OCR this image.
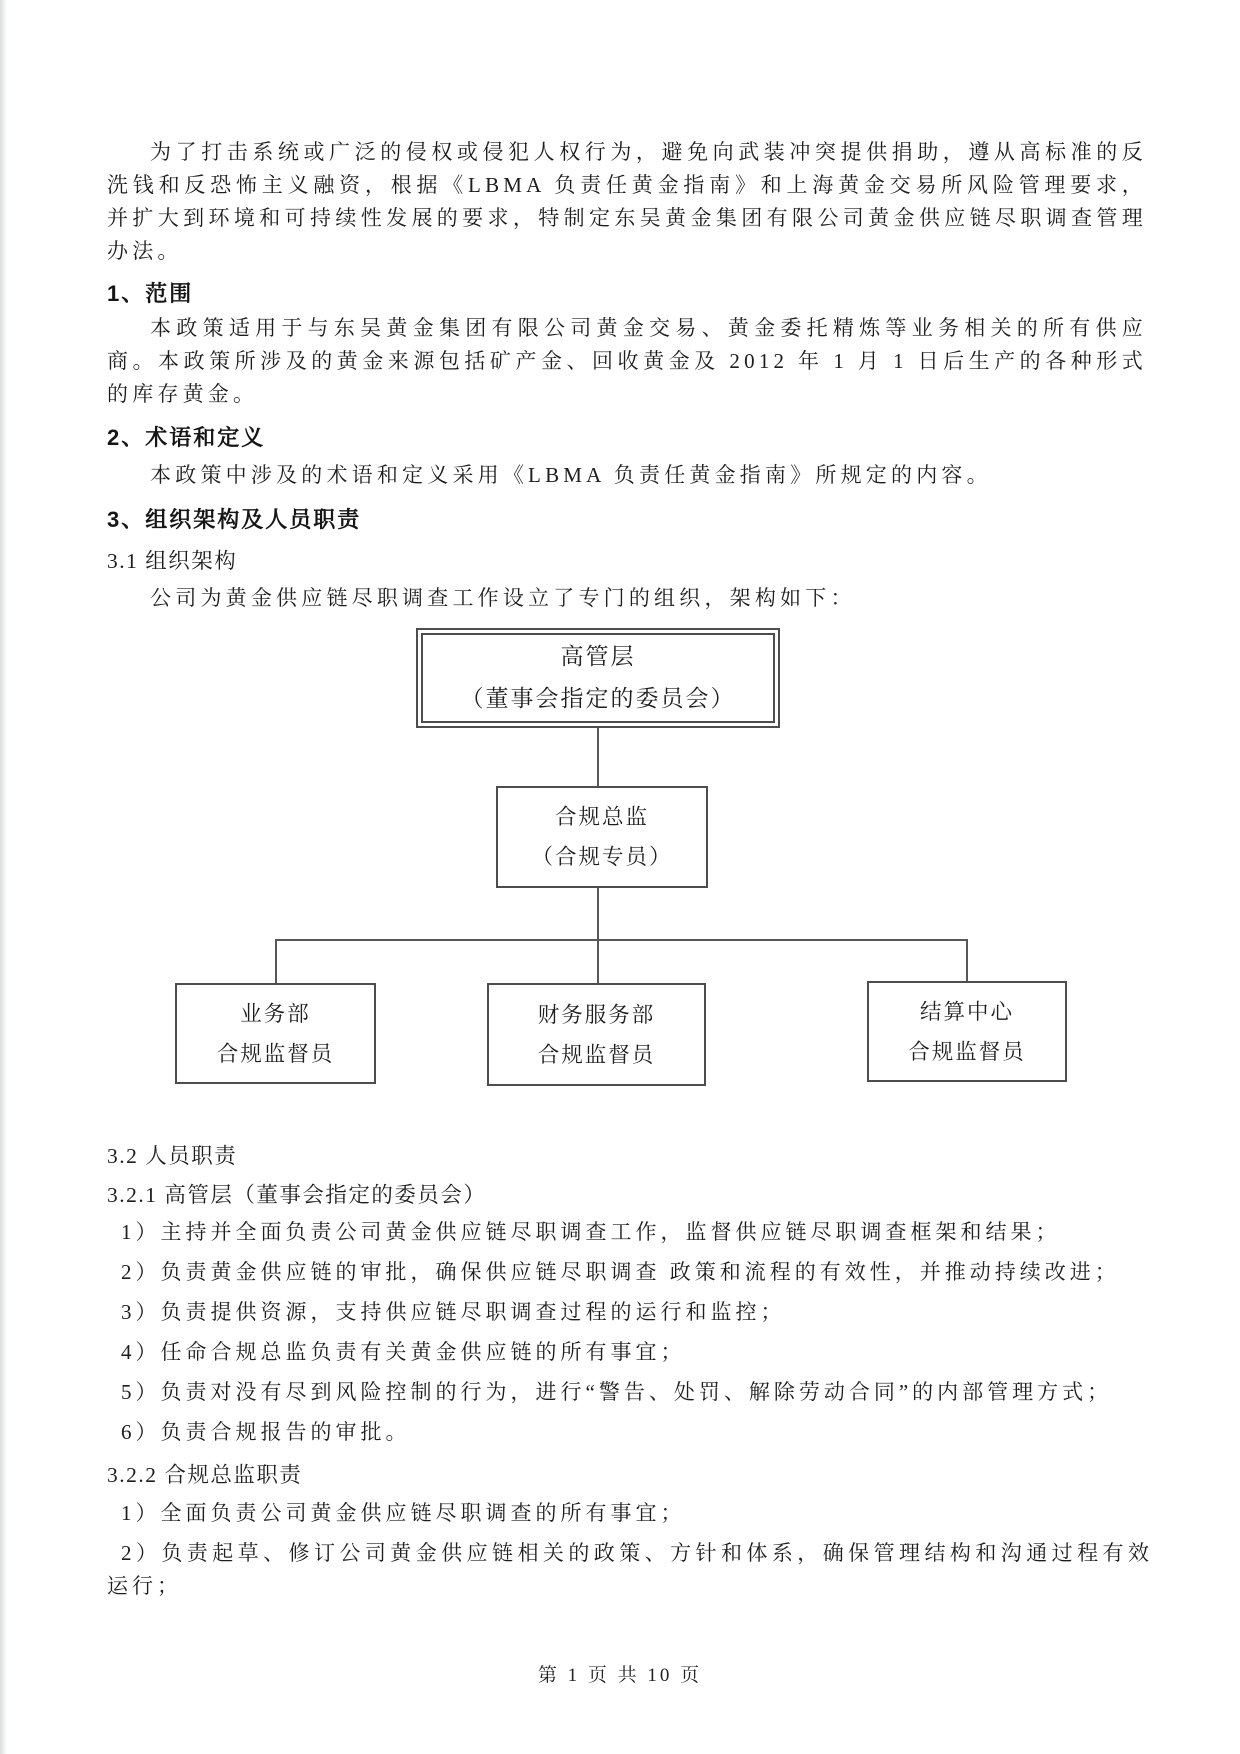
为了打击系统或广泛的侵权或侵犯人权行为，避免向武装冲突提供捐助，遵从高标准的反洗钱和反恐怖主义融资，根据《LBMA 负责任黄金指南》和上海黄金交易所风险管理要求，并扩大到环境和可持续性发展的要求，特制定东吴黄金集团有限公司黄金供应链尽职调查管理办法。
1、范围
本政策适用于与东吴黄金集团有限公司黄金交易、黄金委托精炼等业务相关的所有供应商。本政策所涉及的黄金来源包括矿产金、回收黄金及 2012 年 1 月 1 日后生产的各种形式的库存黄金。
2、术语和定义
本政策中涉及的术语和定义采用《LBMA 负责任黄金指南》所规定的内容。
3、组织架构及人员职责
3.1 组织架构
公司为黄金供应链尽职调查工作设立了专门的组织，架构如下：
高管层
（董事会指定的委员会）
合规总监
（合规专员）
业务部
合规监督员
财务服务部
合规监督员
结算中心
合规监督员
3.2 人员职责
3.2.1 高管层（董事会指定的委员会）
1）主持并全面负责公司黄金供应链尽职调查工作，监督供应链尽职调查框架和结果；
2）负责黄金供应链的审批，确保供应链尽职调查 政策和流程的有效性，并推动持续改进；
3）负责提供资源，支持供应链尽职调查过程的运行和监控；
4）任命合规总监负责有关黄金供应链的所有事宜；
5）负责对没有尽到风险控制的行为，进行“警告、处罚、解除劳动合同”的内部管理方式；
6）负责合规报告的审批。
3.2.2 合规总监职责
1）全面负责公司黄金供应链尽职调查的所有事宜；
2）负责起草、修订公司黄金供应链相关的政策、方针和体系，确保管理结构和沟通过程有效运行；
第 1 页 共 10 页
